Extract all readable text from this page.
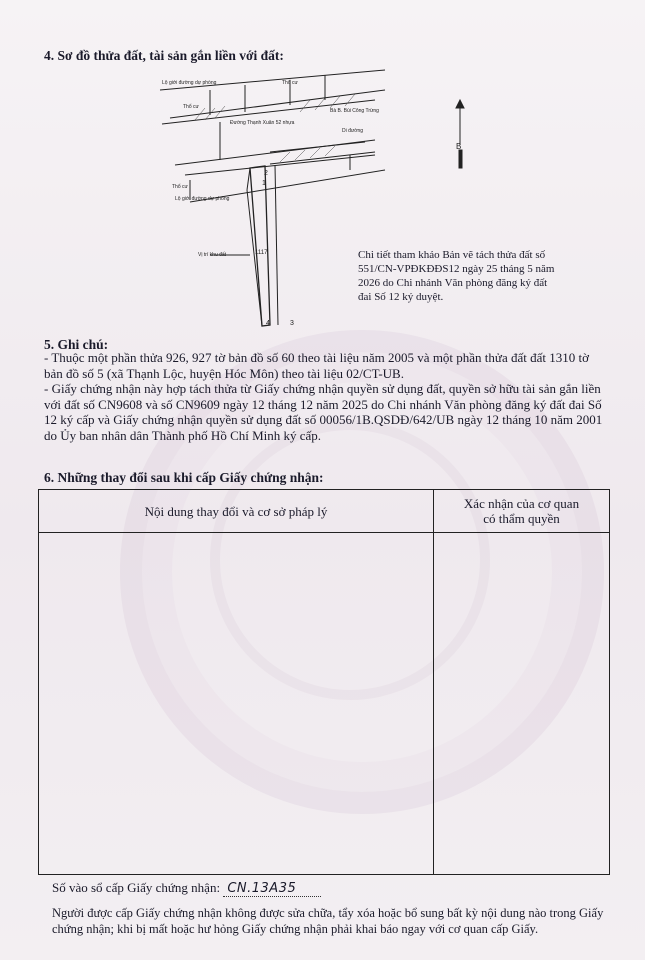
4. Sơ đồ thửa đất, tài sản gắn liền với đất:
Lộ giới đường dự phòng
Đường Thạnh Xuân 52 nhựa
Bà B. Bùi Công Trừng
Lộ giới đường dự phòng
Thổ cư
Thổ cư
Thổ cư
Di đường
Vị trí khu đất	1117
1
2
3
4
B
Chi tiết tham khảo Bản vẽ tách thửa đất số 551/CN-VPĐKĐĐS12 ngày 25 tháng 5 năm 2026 do Chi nhánh Văn phòng đăng ký đất đai Số 12 ký duyệt.
5. Ghi chú:
- Thuộc một phần thửa 926, 927 tờ bản đồ số 60 theo tài liệu năm 2005 và một phần thửa đất đất 1310 tờ bản đồ số 5 (xã Thạnh Lộc, huyện Hóc Môn) theo tài liệu 02/CT-UB.
- Giấy chứng nhận này hợp tách thửa từ Giấy chứng nhận quyền sử dụng đất, quyền sở hữu tài sản gắn liền với đất số CN9608 và số CN9609 ngày 12 tháng 12 năm 2025 do Chi nhánh Văn phòng đăng ký đất đai Số 12 ký cấp và Giấy chứng nhận quyền sử dụng đất số 00056/1B.QSDĐ/642/UB ngày 12 tháng 10 năm 2001 do Ủy ban nhân dân Thành phố Hồ Chí Minh ký cấp.
6. Những thay đổi sau khi cấp Giấy chứng nhận:
Nội dung thay đổi và cơ sở pháp lý	Xác nhận của cơ quan
có thẩm quyền

Số vào sổ cấp Giấy chứng nhận: CN.13A35
Người được cấp Giấy chứng nhận không được sửa chữa, tẩy xóa hoặc bổ sung bất kỳ nội dung nào trong Giấy chứng nhận; khi bị mất hoặc hư hỏng Giấy chứng nhận phải khai báo ngay với cơ quan cấp Giấy.
